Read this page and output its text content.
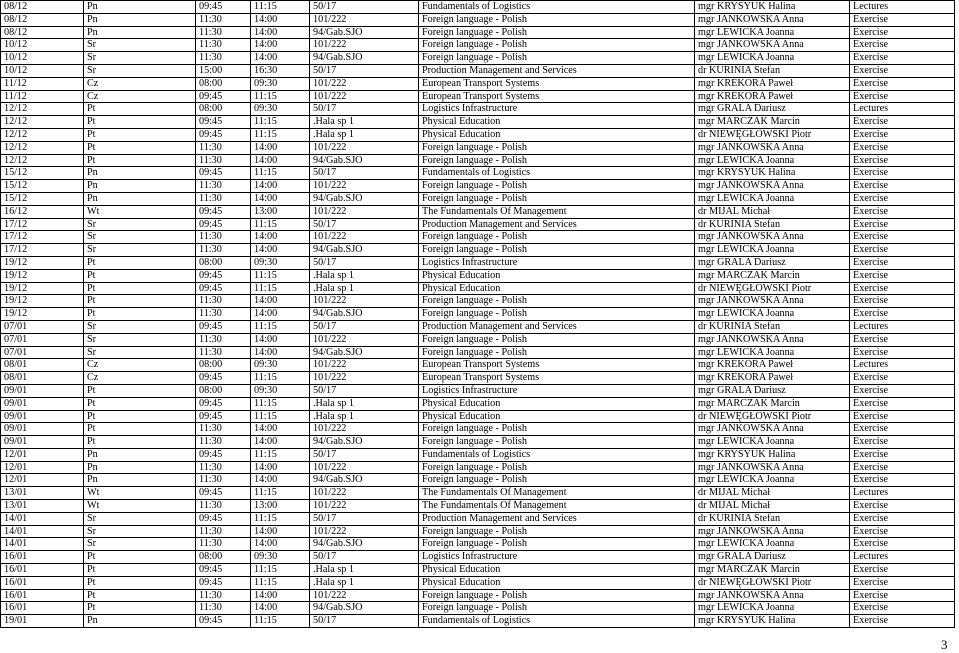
08/12	Pn	09:45	11:15	50/17	Fundamentals of Logistics	mgr KRYSYUK Halina	Lectures
08/12	Pn	11:30	14:00	101/222	Foreign language - Polish	mgr JANKOWSKA Anna	Exercise
08/12	Pn	11:30	14:00	94/Gab.SJO	Foreign language - Polish	mgr LEWICKA Joanna	Exercise
10/12	Śr	11:30	14:00	101/222	Foreign language - Polish	mgr JANKOWSKA Anna	Exercise
10/12	Śr	11:30	14:00	94/Gab.SJO	Foreign language - Polish	mgr LEWICKA Joanna	Exercise
10/12	Śr	15:00	16:30	50/17	Production Management and Services	dr KURINIA Stefan	Exercise
11/12	Cz	08:00	09:30	101/222	European Transport Systems	mgr KREKORA Paweł	Exercise
11/12	Cz	09:45	11:15	101/222	European Transport Systems	mgr KREKORA Paweł	Exercise
12/12	Pt	08:00	09:30	50/17	Logistics Infrastructure	mgr GRALA Dariusz	Lectures
12/12	Pt	09:45	11:15	.Hala sp 1	Physical Education	mgr MARCZAK Marcin	Exercise
12/12	Pt	09:45	11:15	.Hala sp 1	Physical Education	dr NIEWĘGŁOWSKI Piotr	Exercise
12/12	Pt	11:30	14:00	101/222	Foreign language - Polish	mgr JANKOWSKA Anna	Exercise
12/12	Pt	11:30	14:00	94/Gab.SJO	Foreign language - Polish	mgr LEWICKA Joanna	Exercise
15/12	Pn	09:45	11:15	50/17	Fundamentals of Logistics	mgr KRYSYUK Halina	Exercise
15/12	Pn	11:30	14:00	101/222	Foreign language - Polish	mgr JANKOWSKA Anna	Exercise
15/12	Pn	11:30	14:00	94/Gab.SJO	Foreign language - Polish	mgr LEWICKA Joanna	Exercise
16/12	Wt	09:45	13:00	101/222	The Fundamentals Of Management	dr MIJAL Michał	Exercise
17/12	Śr	09:45	11:15	50/17	Production Management and Services	dr KURINIA Stefan	Exercise
17/12	Śr	11:30	14:00	101/222	Foreign language - Polish	mgr JANKOWSKA Anna	Exercise
17/12	Śr	11:30	14:00	94/Gab.SJO	Foreign language - Polish	mgr LEWICKA Joanna	Exercise
19/12	Pt	08:00	09:30	50/17	Logistics Infrastructure	mgr GRALA Dariusz	Exercise
19/12	Pt	09:45	11:15	.Hala sp 1	Physical Education	mgr MARCZAK Marcin	Exercise
19/12	Pt	09:45	11:15	.Hala sp 1	Physical Education	dr NIEWĘGŁOWSKI Piotr	Exercise
19/12	Pt	11:30	14:00	101/222	Foreign language - Polish	mgr JANKOWSKA Anna	Exercise
19/12	Pt	11:30	14:00	94/Gab.SJO	Foreign language - Polish	mgr LEWICKA Joanna	Exercise
07/01	Śr	09:45	11:15	50/17	Production Management and Services	dr KURINIA Stefan	Lectures
07/01	Śr	11:30	14:00	101/222	Foreign language - Polish	mgr JANKOWSKA Anna	Exercise
07/01	Śr	11:30	14:00	94/Gab.SJO	Foreign language - Polish	mgr LEWICKA Joanna	Exercise
08/01	Cz	08:00	09:30	101/222	European Transport Systems	mgr KREKORA Paweł	Lectures
08/01	Cz	09:45	11:15	101/222	European Transport Systems	mgr KREKORA Paweł	Exercise
09/01	Pt	08:00	09:30	50/17	Logistics Infrastructure	mgr GRALA Dariusz	Exercise
09/01	Pt	09:45	11:15	.Hala sp 1	Physical Education	mgr MARCZAK Marcin	Exercise
09/01	Pt	09:45	11:15	.Hala sp 1	Physical Education	dr NIEWĘGŁOWSKI Piotr	Exercise
09/01	Pt	11:30	14:00	101/222	Foreign language - Polish	mgr JANKOWSKA Anna	Exercise
09/01	Pt	11:30	14:00	94/Gab.SJO	Foreign language - Polish	mgr LEWICKA Joanna	Exercise
12/01	Pn	09:45	11:15	50/17	Fundamentals of Logistics	mgr KRYSYUK Halina	Exercise
12/01	Pn	11:30	14:00	101/222	Foreign language - Polish	mgr JANKOWSKA Anna	Exercise
12/01	Pn	11:30	14:00	94/Gab.SJO	Foreign language - Polish	mgr LEWICKA Joanna	Exercise
13/01	Wt	09:45	11:15	101/222	The Fundamentals Of Management	dr MIJAL Michał	Lectures
13/01	Wt	11:30	13:00	101/222	The Fundamentals Of Management	dr MIJAL Michał	Exercise
14/01	Śr	09:45	11:15	50/17	Production Management and Services	dr KURINIA Stefan	Exercise
14/01	Śr	11:30	14:00	101/222	Foreign language - Polish	mgr JANKOWSKA Anna	Exercise
14/01	Śr	11:30	14:00	94/Gab.SJO	Foreign language - Polish	mgr LEWICKA Joanna	Exercise
16/01	Pt	08:00	09:30	50/17	Logistics Infrastructure	mgr GRALA Dariusz	Lectures
16/01	Pt	09:45	11:15	.Hala sp 1	Physical Education	mgr MARCZAK Marcin	Exercise
16/01	Pt	09:45	11:15	.Hala sp 1	Physical Education	dr NIEWĘGŁOWSKI Piotr	Exercise
16/01	Pt	11:30	14:00	101/222	Foreign language - Polish	mgr JANKOWSKA Anna	Exercise
16/01	Pt	11:30	14:00	94/Gab.SJO	Foreign language - Polish	mgr LEWICKA Joanna	Exercise
19/01	Pn	09:45	11:15	50/17	Fundamentals of Logistics	mgr KRYSYUK Halina	Exercise
3
